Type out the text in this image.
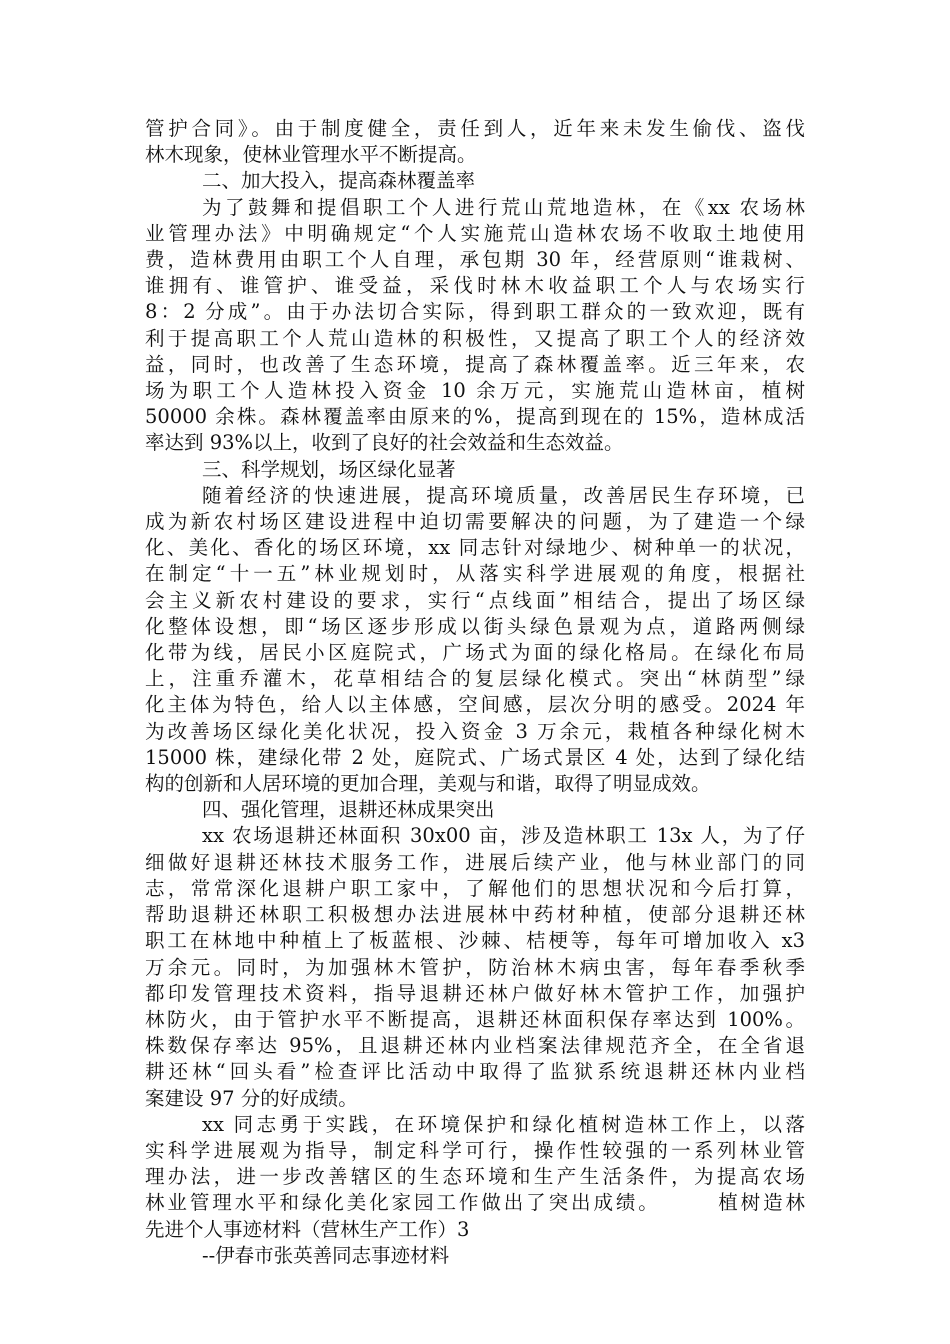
管护合同》。由于制度健全，责任到人，近年来未发生偷伐、盗伐
林木现象，使林业管理水平不断提高。
二、加大投入，提高森林覆盖率
为了鼓舞和提倡职工个人进行荒山荒地造林，在《xx 农场林
业管理办法》中明确规定“个人实施荒山造林农场不收取土地使用
费，造林费用由职工个人自理，承包期 30 年，经营原则“谁栽树、
谁拥有、谁管护、谁受益，采伐时林木收益职工个人与农场实行
8：2 分成”。由于办法切合实际，得到职工群众的一致欢迎，既有
利于提高职工个人荒山造林的积极性，又提高了职工个人的经济效
益，同时，也改善了生态环境，提高了森林覆盖率。近三年来，农
场为职工个人造林投入资金 10 余万元，实施荒山造林亩，植树
50000 余株。森林覆盖率由原来的%，提高到现在的 15%，造林成活
率达到 93%以上，收到了良好的社会效益和生态效益。
三、科学规划，场区绿化显著
随着经济的快速进展，提高环境质量，改善居民生存环境，已
成为新农村场区建设进程中迫切需要解决的问题，为了建造一个绿
化、美化、香化的场区环境，xx 同志针对绿地少、树种单一的状况，
在制定“十一五”林业规划时，从落实科学进展观的角度，根据社
会主义新农村建设的要求，实行“点线面”相结合，提出了场区绿
化整体设想，即“场区逐步形成以街头绿色景观为点，道路两侧绿
化带为线，居民小区庭院式，广场式为面的绿化格局。在绿化布局
上，注重乔灌木，花草相结合的复层绿化模式。突出“林荫型”绿
化主体为特色，给人以主体感，空间感，层次分明的感受。2024 年
为改善场区绿化美化状况，投入资金 3 万余元，栽植各种绿化树木
15000 株，建绿化带 2 处，庭院式、广场式景区 4 处，达到了绿化结
构的创新和人居环境的更加合理，美观与和谐，取得了明显成效。
四、强化管理，退耕还林成果突出
xx 农场退耕还林面积 30x00 亩，涉及造林职工 13x 人，为了仔
细做好退耕还林技术服务工作，进展后续产业，他与林业部门的同
志，常常深化退耕户职工家中，了解他们的思想状况和今后打算，
帮助退耕还林职工积极想办法进展林中药材种植，使部分退耕还林
职工在林地中种植上了板蓝根、沙棘、桔梗等，每年可增加收入 x3
万余元。同时，为加强林木管护，防治林木病虫害，每年春季秋季
都印发管理技术资料，指导退耕还林户做好林木管护工作，加强护
林防火，由于管护水平不断提高，退耕还林面积保存率达到 100%。
株数保存率达 95%，且退耕还林内业档案法律规范齐全，在全省退
耕还林“回头看”检查评比活动中取得了监狱系统退耕还林内业档
案建设 97 分的好成绩。
xx 同志勇于实践，在环境保护和绿化植树造林工作上，以落
实科学进展观为指导，制定科学可行，操作性较强的一系列林业管
理办法，进一步改善辖区的生态环境和生产生活条件，为提高农场
林业管理水平和绿化美化家园工作做出了突出成绩。　　　植树造林
先进个人事迹材料（营林生产工作）3
--伊春市张英善同志事迹材料
